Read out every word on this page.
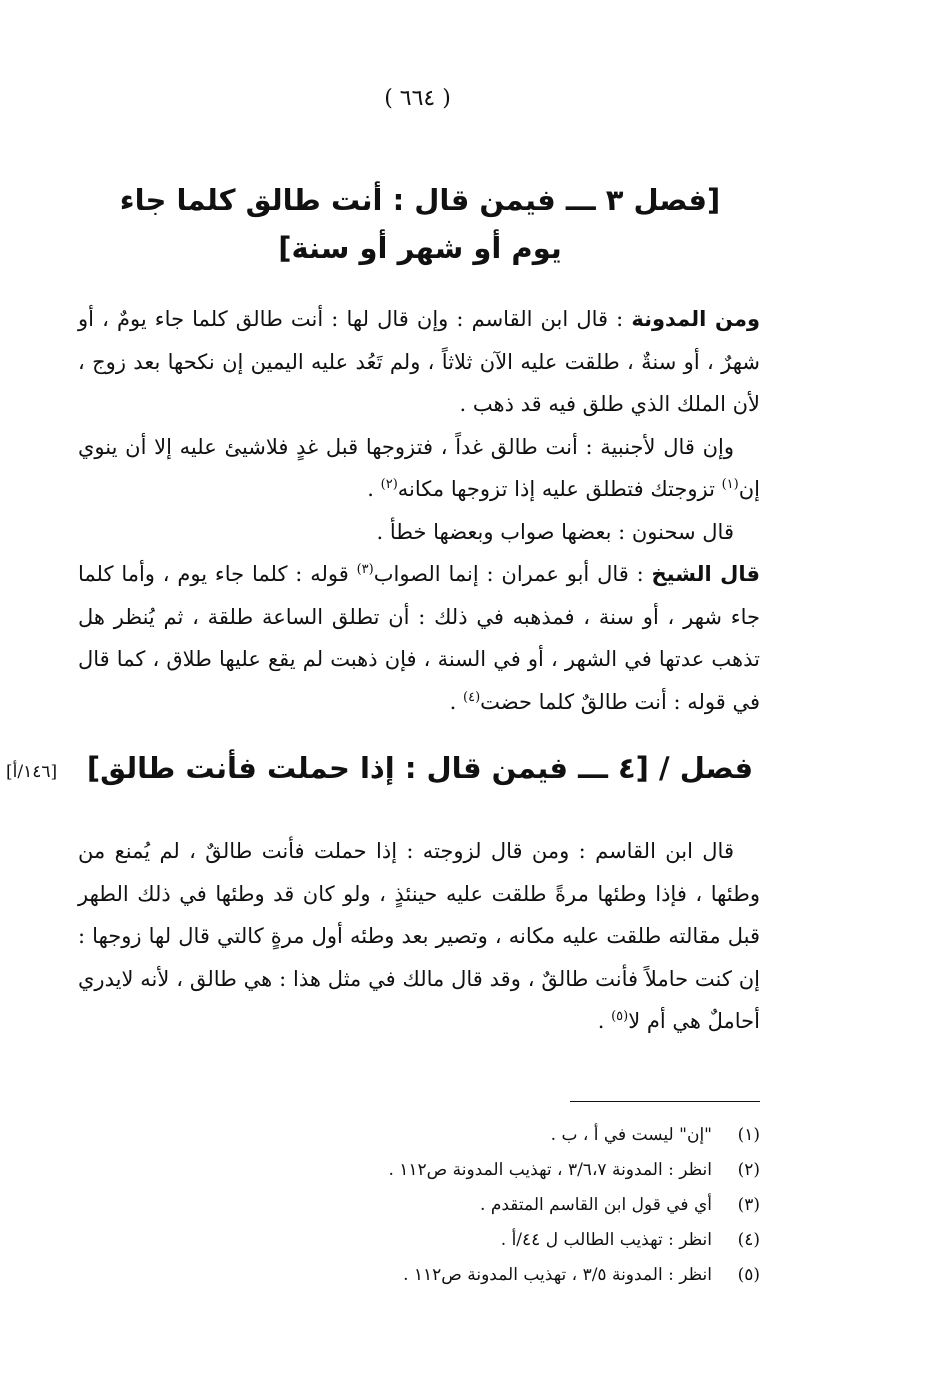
( ٦٦٤ )
[فصل ٣ ـــ فيمن قال : أنت طالق كلما جاء
يوم أو شهر أو سنة]

ومن المدونة : قال ابن القاسم : وإن قال لها : أنت طالق كلما جاء يومٌ ، أو شهرٌ ، أو سنةٌ ، طلقت عليه الآن ثلاثاً ، ولم تَعُد عليه اليمين إن نكحها بعد زوج ، لأن الملك الذي طلق فيه قد ذهب .

وإن قال لأجنبية : أنت طالق غداً ، فتزوجها قبل غدٍ فلاشيئ عليه إلا أن ينوي إن$^{(١)}$ تزوجتك فتطلق عليه إذا تزوجها مكانه$^{(٢)}$ .

قال سحنون : بعضها صواب وبعضها خطأ .

قال الشيخ : قال أبو عمران : إنما الصواب$^{(٣)}$ قوله : كلما جاء يوم ، وأما كلما جاء شهر ، أو سنة ، فمذهبه في ذلك : أن تطلق الساعة طلقة ، ثم يُنظر هل تذهب عدتها في الشهر ، أو في السنة ، فإن ذهبت لم يقع عليها طلاق ، كما قال في قوله : أنت طالقٌ كلما حضت$^{(٤)}$ .

[١٤٦/أ]	فصل / [٤ ـــ فيمن قال : إذا حملت فأنت طالق]

قال ابن القاسم : ومن قال لزوجته : إذا حملت فأنت طالقٌ ، لم يُمنع من وطئها ، فإذا وطئها مرةً طلقت عليه حينئذٍ ، ولو كان قد وطئها في ذلك الطهر قبل مقالته طلقت عليه مكانه ، وتصير بعد وطئه أول مرةٍ كالتي قال لها زوجها : إن كنت حاملاً فأنت طالقٌ ، وقد قال مالك في مثل هذا : هي طالق ، لأنه لايدري أحاملٌ هي أم لا$^{(٥)}$ .

(١)
"إن" ليست في أ ، ب .
(٢)
انظر : المدونة ٣/٦،٧ ، تهذيب المدونة ص١١٢ .
(٣)
أي في قول ابن القاسم المتقدم .
(٤)
انظر : تهذيب الطالب ل ٤٤/أ .
(٥)
انظر : المدونة ٣/٥ ، تهذيب المدونة ص١١٢ .
